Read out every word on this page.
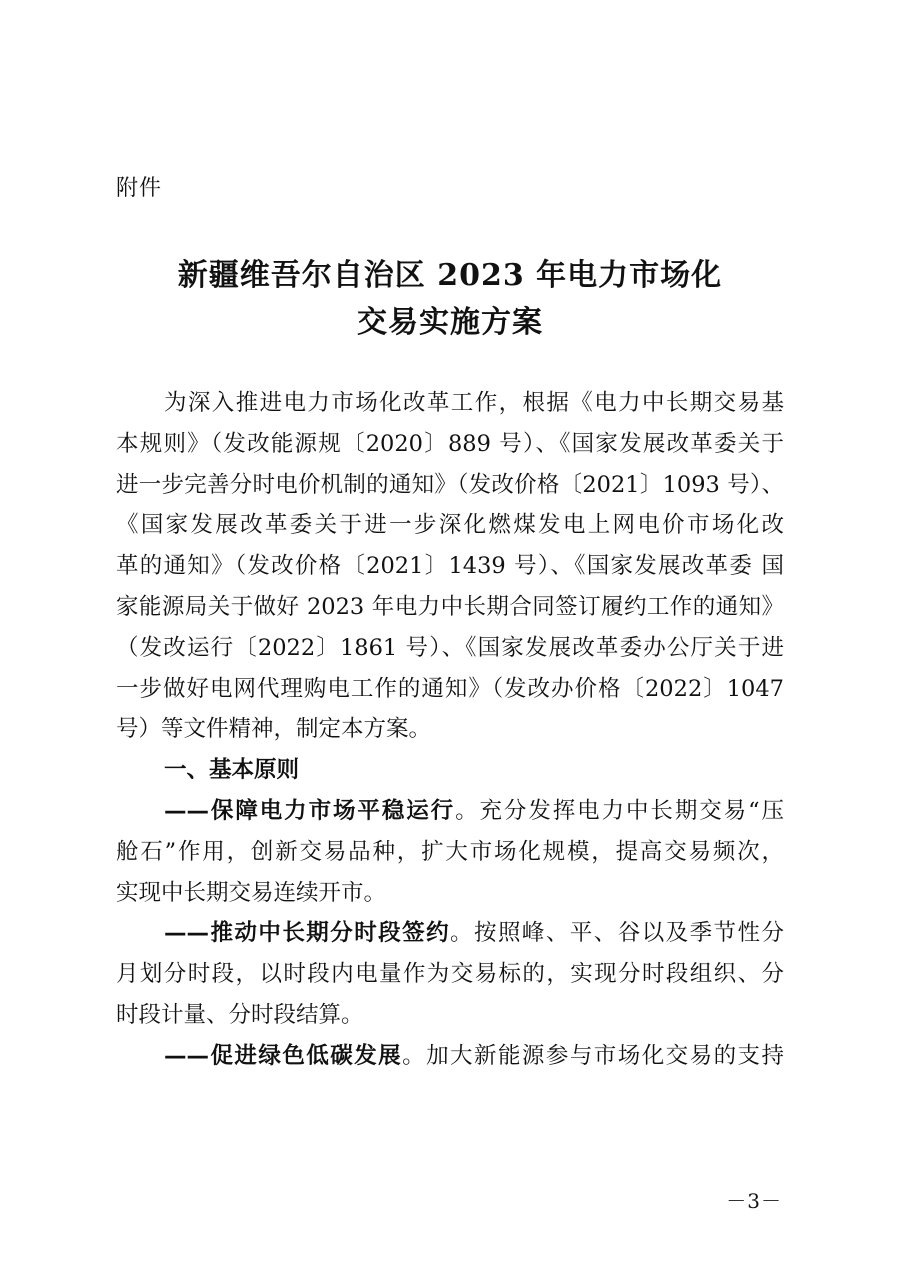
附件
新疆维吾尔自治区 2023 年电力市场化
交易实施方案
为深入推进电力市场化改革工作，根据《电力中长期交易基
本规则》（发改能源规〔2020〕889 号）、《国家发展改革委关于
进一步完善分时电价机制的通知》（发改价格〔2021〕1093 号）、
《国家发展改革委关于进一步深化燃煤发电上网电价市场化改
革的通知》（发改价格〔2021〕1439 号）、《国家发展改革委 国
家能源局关于做好 2023 年电力中长期合同签订履约工作的通知》
（发改运行〔2022〕1861 号）、《国家发展改革委办公厅关于进
一步做好电网代理购电工作的通知》（发改办价格〔2022〕1047
号）等文件精神，制定本方案。
一、基本原则
——保障电力市场平稳运行。充分发挥电力中长期交易“压
舱石”作用，创新交易品种，扩大市场化规模，提高交易频次，
实现中长期交易连续开市。
——推动中长期分时段签约。按照峰、平、谷以及季节性分
月划分时段，以时段内电量作为交易标的，实现分时段组织、分
时段计量、分时段结算。
——促进绿色低碳发展。加大新能源参与市场化交易的支持
－3－
